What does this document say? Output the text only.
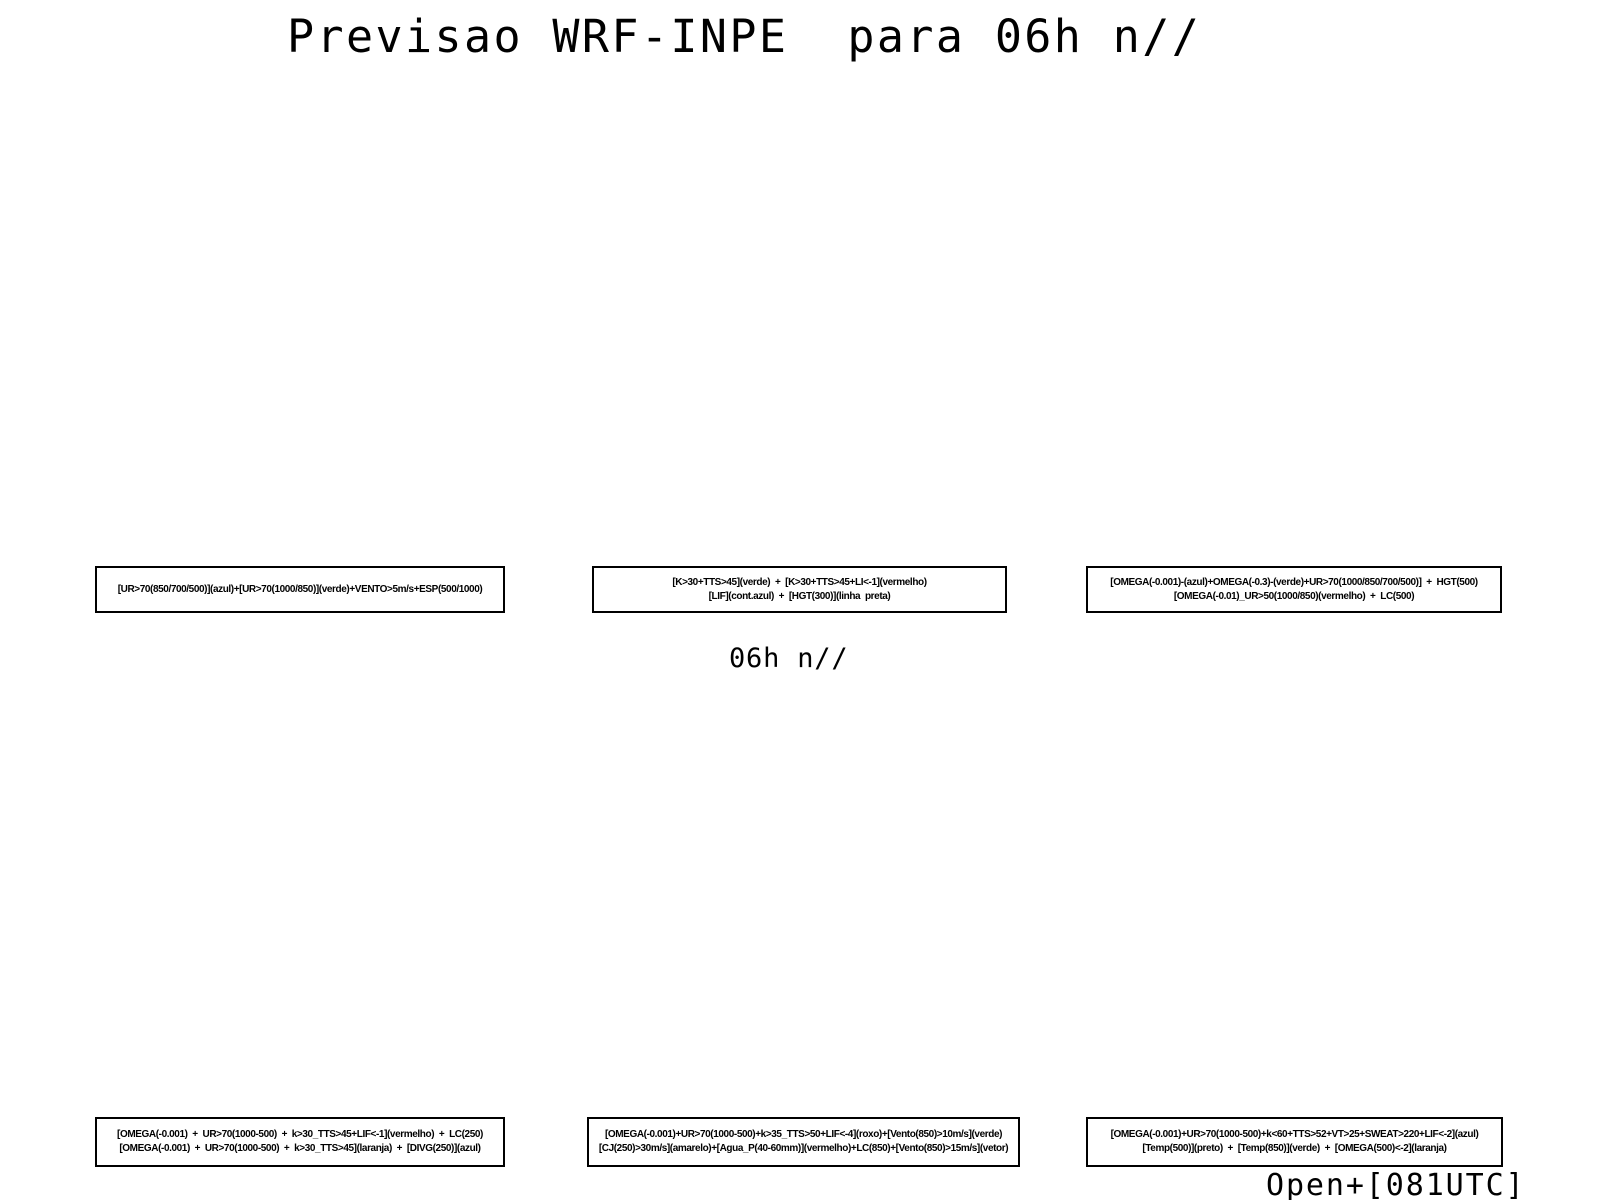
Previsao WRF-INPE  para 06h n//
[UR>70(850/700/500)](azul)+[UR>70(1000/850)](verde)+VENTO>5m/s+ESP(500/1000)
[K>30+TTS>45](verde)  +  [K>30+TTS>45+LI<-1](vermelho)
[LIF](cont.azul)  +  [HGT(300)](linha  preta)
[OMEGA(-0.001)-(azul)+OMEGA(-0.3)-(verde)+UR>70(1000/850/700/500)]  +  HGT(500)
[OMEGA(-0.01)_UR>50(1000/850)(vermelho)  +  LC(500)
06h n//
[OMEGA(-0.001)  +  UR>70(1000-500)  +  k>30_TTS>45+LIF<-1](vermelho)  +  LC(250)
[OMEGA(-0.001)  +  UR>70(1000-500)  +  k>30_TTS>45](laranja)  +  [DIVG(250)](azul)
[OMEGA(-0.001)+UR>70(1000-500)+k>35_TTS>50+LIF<-4](roxo)+[Vento(850)>10m/s](verde)
[CJ(250)>30m/s](amarelo)+[Agua_P(40-60mm)](vermelho)+LC(850)+[Vento(850)>15m/s](vetor)
[OMEGA(-0.001)+UR>70(1000-500)+k<60+TTS>52+VT>25+SWEAT>220+LIF<-2](azul)
[Temp(500)](preto)  +  [Temp(850)](verde)  +  [OMEGA(500)<-2](laranja)
Open+[081UTC]
